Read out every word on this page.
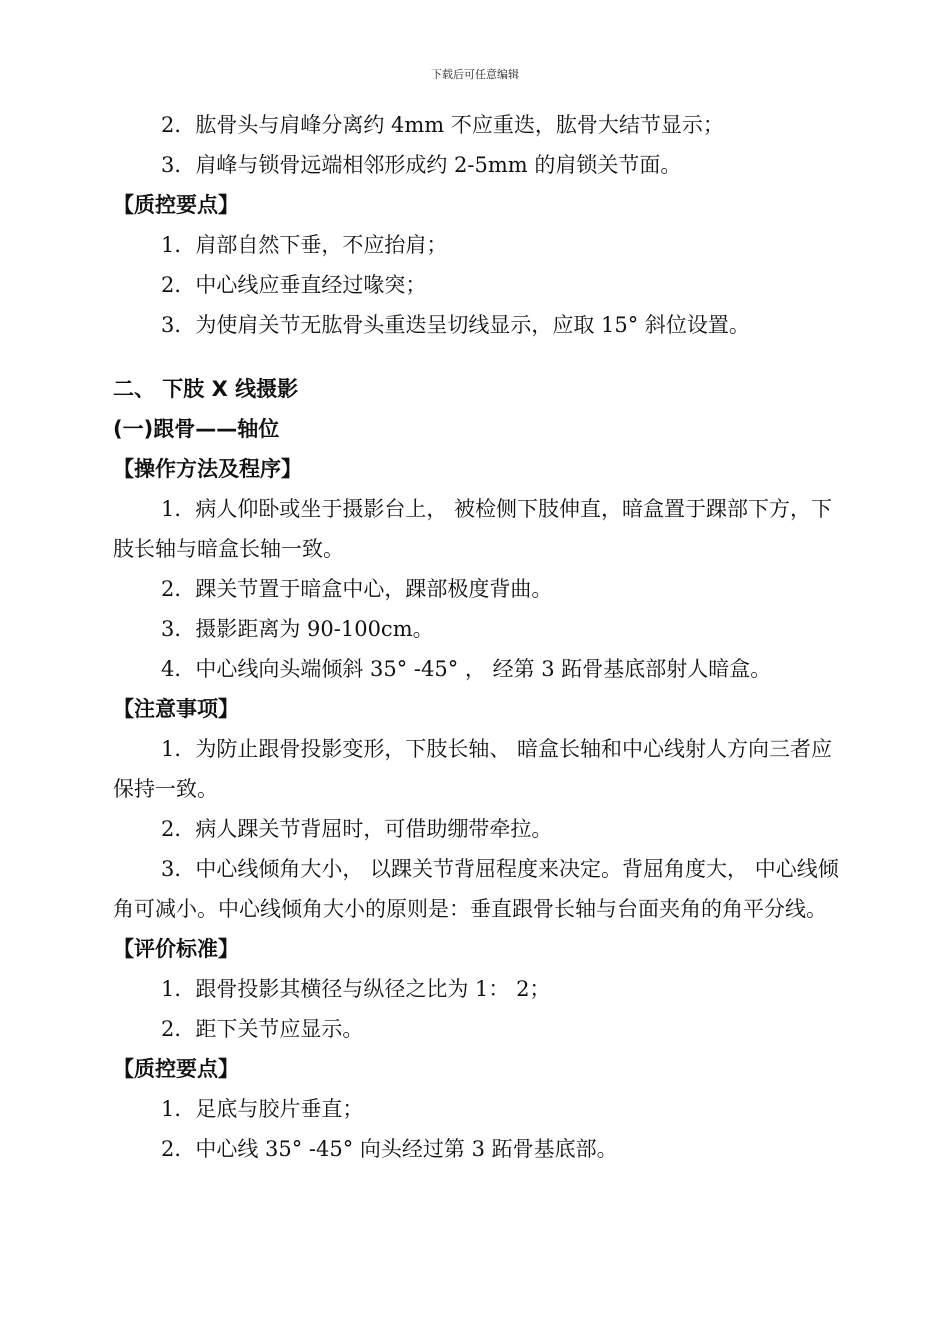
下载后可任意编辑

2．肱骨头与肩峰分离约 4mm 不应重迭，肱骨大结节显示；

3．肩峰与锁骨远端相邻形成约 2-5mm 的肩锁关节面。

【质控要点】

1．肩部自然下垂，不应抬肩；

2．中心线应垂直经过喙突；

3．为使肩关节无肱骨头重迭呈切线显示，应取 15° 斜位设置。

二、 下肢 X 线摄影

(一)跟骨——轴位

【操作方法及程序】

1．病人仰卧或坐于摄影台上， 被检侧下肢伸直，暗盒置于踝部下方，下肢长轴与暗盒长轴一致。

2．踝关节置于暗盒中心，踝部极度背曲。

3．摄影距离为 90-100cm。

4．中心线向头端倾斜 35° -45° ， 经第 3 跖骨基底部射人暗盒。

【注意事项】

1．为防止跟骨投影变形，下肢长轴、 暗盒长轴和中心线射人方向三者应保持一致。

2．病人踝关节背屈时，可借助绷带牵拉。

3．中心线倾角大小， 以踝关节背屈程度来决定。背屈角度大， 中心线倾角可减小。中心线倾角大小的原则是：垂直跟骨长轴与台面夹角的角平分线。

【评价标准】

1．跟骨投影其横径与纵径之比为 1： 2；

2．距下关节应显示。

【质控要点】

1．足底与胶片垂直；

2．中心线 35° -45° 向头经过第 3 跖骨基底部。
